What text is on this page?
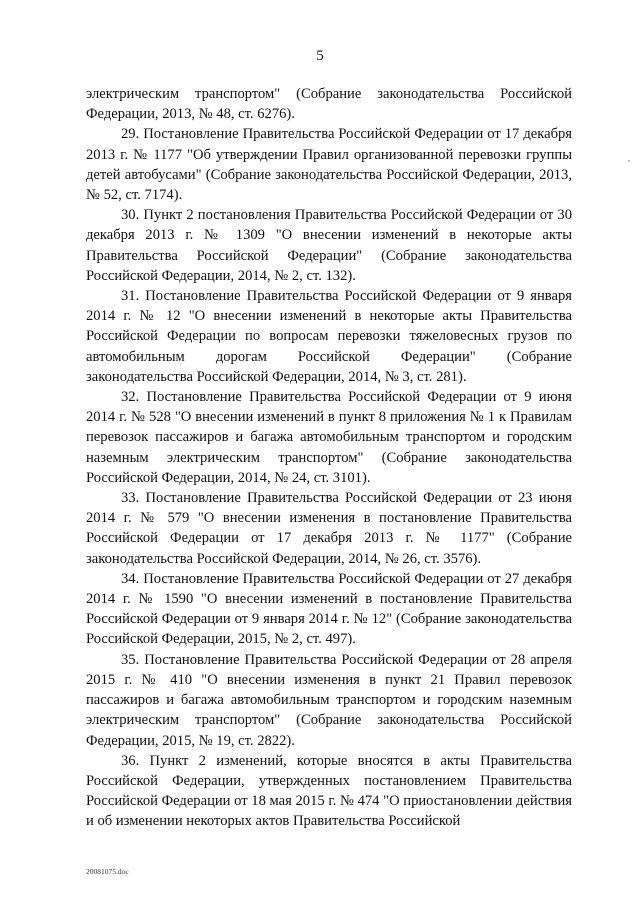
5

электрическим транспортом" (Собрание законодательства Российской Федерации, 2013, № 48, ст. 6276).

29. Постановление Правительства Российской Федерации от 17 декабря 2013 г. № 1177 "Об утверждении Правил организованной перевозки группы детей автобусами" (Собрание законодательства Российской Федерации, 2013, № 52, ст. 7174).

30. Пункт 2 постановления Правительства Российской Федерации от 30 декабря 2013 г. № 1309 "О внесении изменений в некоторые акты Правительства Российской Федерации" (Собрание законодательства Российской Федерации, 2014, № 2, ст. 132).

31. Постановление Правительства Российской Федерации от 9 января 2014 г. № 12 "О внесении изменений в некоторые акты Правительства Российской Федерации по вопросам перевозки тяжеловесных грузов по автомобильным дорогам Российской Федерации" (Собрание законодательства Российской Федерации, 2014, № 3, ст. 281).

32. Постановление Правительства Российской Федерации от 9 июня 2014 г. № 528 "О внесении изменений в пункт 8 приложения № 1 к Правилам перевозок пассажиров и багажа автомобильным транспортом и городским наземным электрическим транспортом" (Собрание законодательства Российской Федерации, 2014, № 24, ст. 3101).

33. Постановление Правительства Российской Федерации от 23 июня 2014 г. № 579 "О внесении изменения в постановление Правительства Российской Федерации от 17 декабря 2013 г. № 1177" (Собрание законодательства Российской Федерации, 2014, № 26, ст. 3576).

34. Постановление Правительства Российской Федерации от 27 декабря 2014 г. № 1590 "О внесении изменений в постановление Правительства Российской Федерации от 9 января 2014 г. № 12" (Собрание законодательства Российской Федерации, 2015, № 2, ст. 497).

35. Постановление Правительства Российской Федерации от 28 апреля 2015 г. № 410 "О внесении изменения в пункт 21 Правил перевозок пассажиров и багажа автомобильным транспортом и городским наземным электрическим транспортом" (Собрание законодательства Российской Федерации, 2015, № 19, ст. 2822).

36. Пункт 2 изменений, которые вносятся в акты Правительства Российской Федерации, утвержденных постановлением Правительства Российской Федерации от 18 мая 2015 г. № 474 "О приостановлении действия и об изменении некоторых актов Правительства Российской

20081075.doc
